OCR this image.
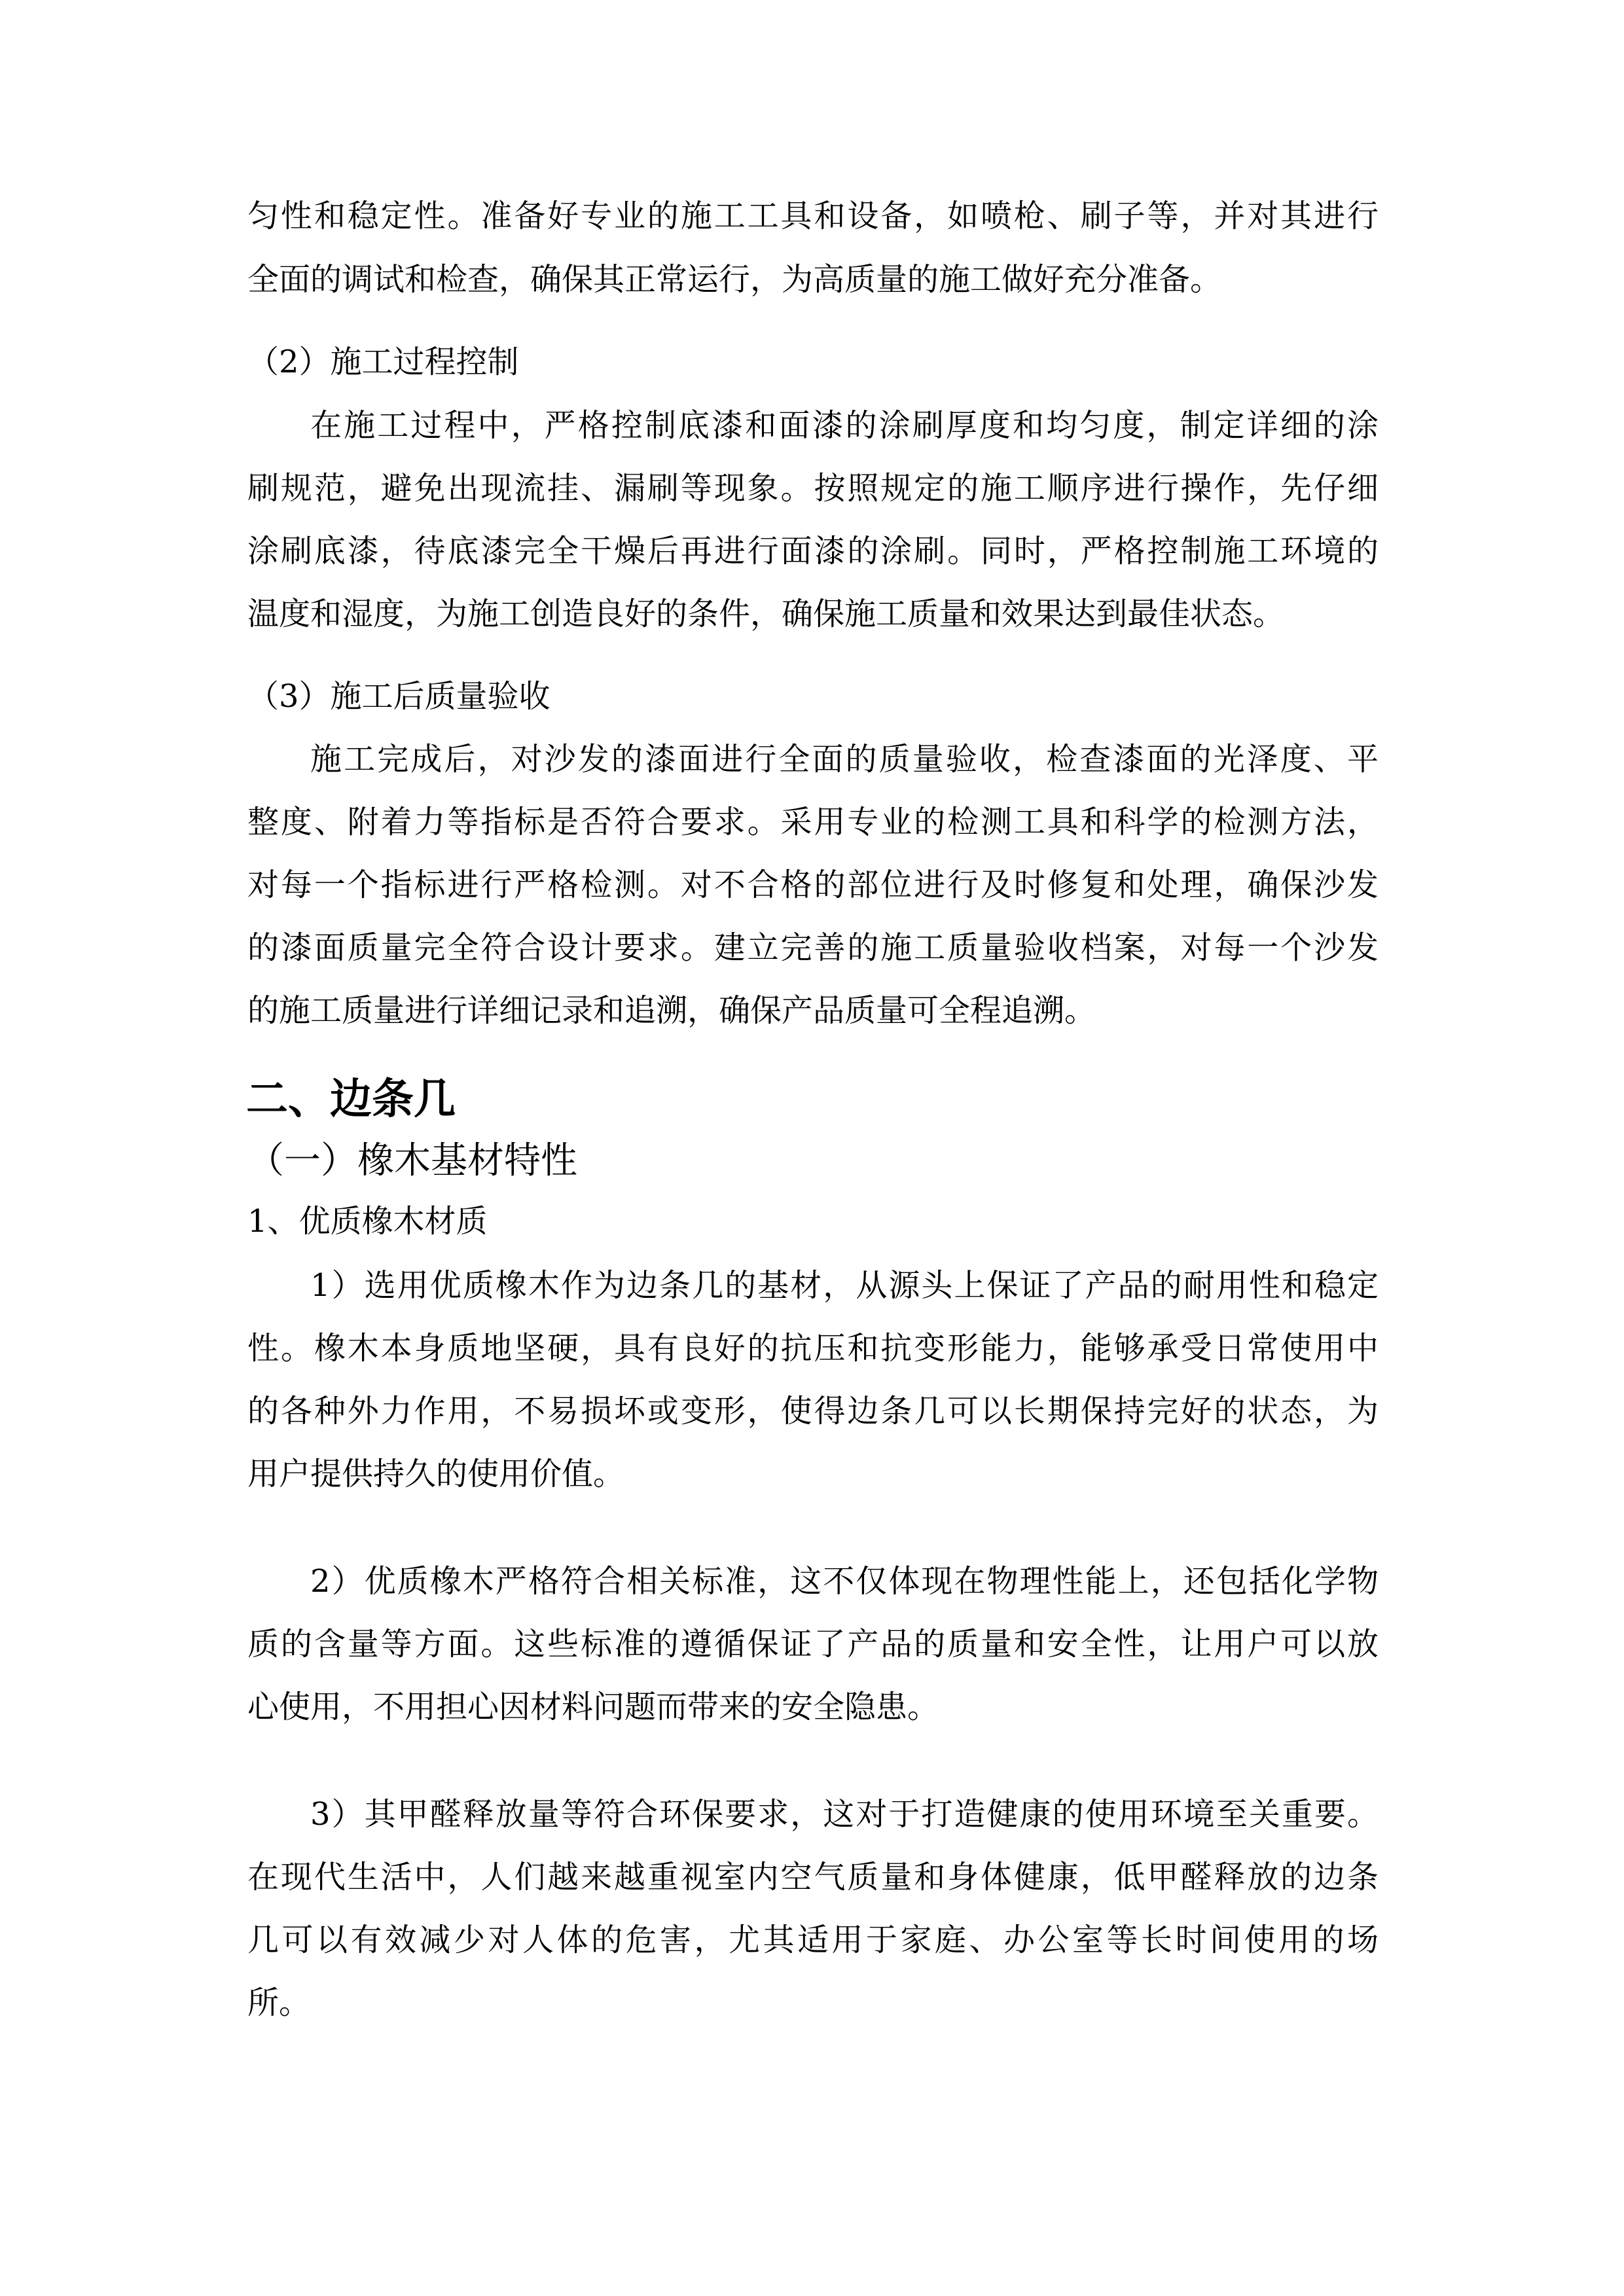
匀性和稳定性。准备好专业的施工工具和设备，如喷枪、刷子等，并对其进行
全面的调试和检查，确保其正常运行，为高质量的施工做好充分准备。
（2）施工过程控制
在施工过程中，严格控制底漆和面漆的涂刷厚度和均匀度，制定详细的涂
刷规范，避免出现流挂、漏刷等现象。按照规定的施工顺序进行操作，先仔细
涂刷底漆，待底漆完全干燥后再进行面漆的涂刷。同时，严格控制施工环境的
温度和湿度，为施工创造良好的条件，确保施工质量和效果达到最佳状态。
（3）施工后质量验收
施工完成后，对沙发的漆面进行全面的质量验收，检查漆面的光泽度、平
整度、附着力等指标是否符合要求。采用专业的检测工具和科学的检测方法，
对每一个指标进行严格检测。对不合格的部位进行及时修复和处理，确保沙发
的漆面质量完全符合设计要求。建立完善的施工质量验收档案，对每一个沙发
的施工质量进行详细记录和追溯，确保产品质量可全程追溯。
二、边条几
（一）橡木基材特性
1、优质橡木材质
1）选用优质橡木作为边条几的基材，从源头上保证了产品的耐用性和稳定
性。橡木本身质地坚硬，具有良好的抗压和抗变形能力，能够承受日常使用中
的各种外力作用，不易损坏或变形，使得边条几可以长期保持完好的状态，为
用户提供持久的使用价值。
2）优质橡木严格符合相关标准，这不仅体现在物理性能上，还包括化学物
质的含量等方面。这些标准的遵循保证了产品的质量和安全性，让用户可以放
心使用，不用担心因材料问题而带来的安全隐患。
3）其甲醛释放量等符合环保要求，这对于打造健康的使用环境至关重要。
在现代生活中，人们越来越重视室内空气质量和身体健康，低甲醛释放的边条
几可以有效减少对人体的危害，尤其适用于家庭、办公室等长时间使用的场
所。
